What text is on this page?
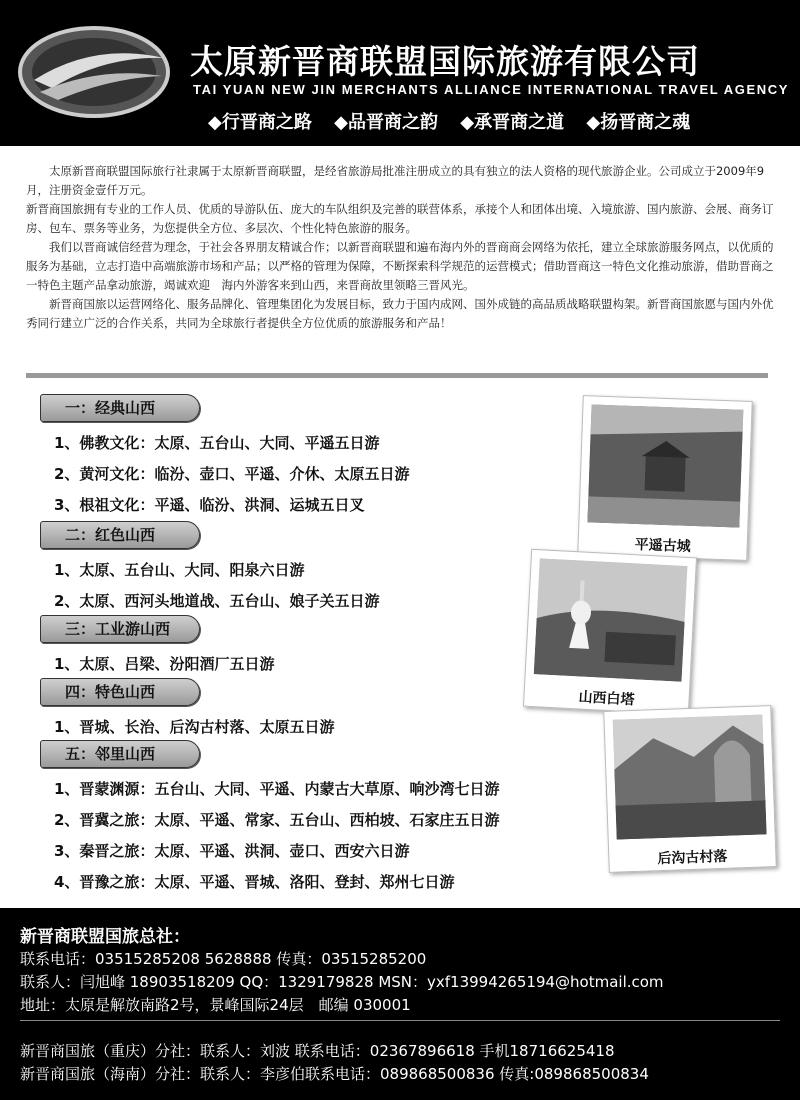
太原新晋商联盟国际旅游有限公司
TAI YUAN NEW JIN MERCHANTS ALLIANCE INTERNATIONAL TRAVEL AGENCY
◆行晋商之路 ◆品晋商之韵 ◆承晋商之道 ◆扬晋商之魂

太原新晋商联盟国际旅行社隶属于太原新晋商联盟，是经省旅游局批准注册成立的具有独立的法人资格的现代旅游企业。公司成立于2009年9月，注册资金壹仟万元。

新晋商国旅拥有专业的工作人员、优质的导游队伍、庞大的车队组织及完善的联营体系，承接个人和团体出境、入境旅游、国内旅游、会展、商务订房、包车、票务等业务，为您提供全方位、多层次、个性化特色旅游的服务。

我们以晋商诚信经营为理念，于社会各界朋友精诚合作；以新晋商联盟和遍布海内外的晋商商会网络为依托，建立全球旅游服务网点，以优质的服务为基础，立志打造中高端旅游市场和产品；以严格的管理为保障，不断探索科学规范的运营模式；借助晋商这一特色文化推动旅游，借助晋商之一特色主题产品拿动旅游，竭诚欢迎　海内外游客来到山西，来晋商故里领略三晋风光。

新晋商国旅以运营网络化、服务品牌化、管理集团化为发展目标，致力于国内成网、国外成链的高品质战略联盟构架。新晋商国旅愿与国内外优秀同行建立广泛的合作关系，共同为全球旅行者提供全方位优质的旅游服务和产品！

一：经典山西
1、佛教文化：太原、五台山、大同、平遥五日游
2、黄河文化：临汾、壶口、平遥、介休、太原五日游
3、根祖文化：平遥、临汾、洪洞、运城五日叉
二：红色山西
1、太原、五台山、大同、阳泉六日游
2、太原、西河头地道战、五台山、娘子关五日游
三：工业游山西
1、太原、吕梁、汾阳酒厂五日游
四：特色山西
1、晋城、长治、后沟古村落、太原五日游
五：邻里山西
1、晋蒙渊源：五台山、大同、平遥、内蒙古大草原、响沙湾七日游
2、晋冀之旅：太原、平遥、常家、五台山、西柏坡、石家庄五日游
3、秦晋之旅：太原、平遥、洪洞、壶口、西安六日游
4、晋豫之旅：太原、平遥、晋城、洛阳、登封、郑州七日游
平遥古城
山西白塔
后沟古村落
新晋商联盟国旅总社：
联系电话：03515285208 5628888 传真：03515285200
联系人：闫旭峰 18903518209 QQ：1329179828 MSN：yxf13994265194@hotmail.com
地址：太原是解放南路2号，景峰国际24层　邮编 030001
新晋商国旅（重庆）分社：联系人：刘波 联系电话：02367896618 手机18716625418
新晋商国旅（海南）分社：联系人：李彦伯联系电话：089868500836 传真:089868500834
